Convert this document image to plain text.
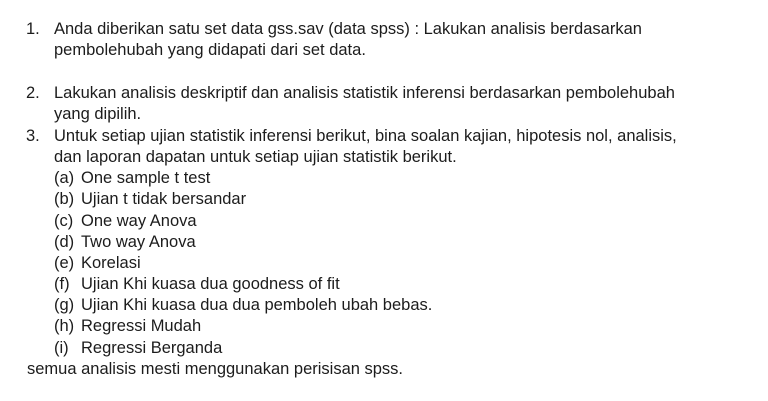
1. Anda diberikan satu set data gss.sav (data spss) : Lakukan analisis berdasarkan
pembolehubah yang didapati dari set data.
2. Lakukan analisis deskriptif dan analisis statistik inferensi berdasarkan pembolehubah
yang dipilih.
3. Untuk setiap ujian statistik inferensi berikut, bina soalan kajian, hipotesis nol, analisis,
dan laporan dapatan untuk setiap ujian statistik berikut.
(a) One sample t test
(b) Ujian t tidak bersandar
(c) One way Anova
(d) Two way Anova
(e) Korelasi
(f) Ujian Khi kuasa dua goodness of fit
(g) Ujian Khi kuasa dua dua pemboleh ubah bebas.
(h) Regressi Mudah
(i) Regressi Berganda
semua analisis mesti menggunakan perisisan spss.
